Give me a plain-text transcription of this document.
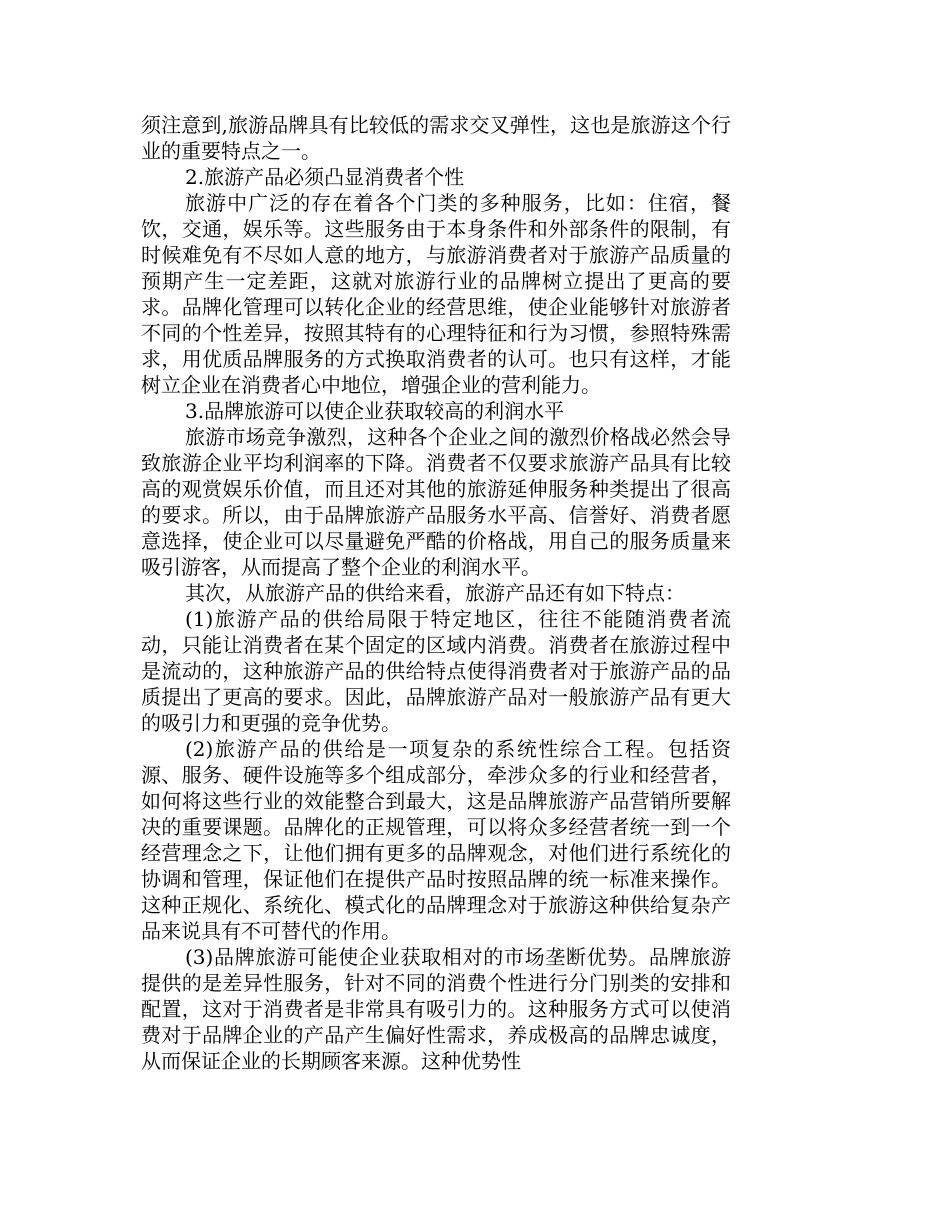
须注意到,旅游品牌具有比较低的需求交叉弹性，这也是旅游这个行业的重要特点之一。

2.旅游产品必须凸显消费者个性

旅游中广泛的存在着各个门类的多种服务，比如：住宿，餐饮，交通，娱乐等。这些服务由于本身条件和外部条件的限制，有时候难免有不尽如人意的地方，与旅游消费者对于旅游产品质量的预期产生一定差距，这就对旅游行业的品牌树立提出了更高的要求。品牌化管理可以转化企业的经营思维，使企业能够针对旅游者不同的个性差异，按照其特有的心理特征和行为习惯，参照特殊需求，用优质品牌服务的方式换取消费者的认可。也只有这样，才能树立企业在消费者心中地位，增强企业的营利能力。

3.品牌旅游可以使企业获取较高的利润水平

旅游市场竞争激烈，这种各个企业之间的激烈价格战必然会导致旅游企业平均利润率的下降。消费者不仅要求旅游产品具有比较高的观赏娱乐价值，而且还对其他的旅游延伸服务种类提出了很高的要求。所以，由于品牌旅游产品服务水平高、信誉好、消费者愿意选择，使企业可以尽量避免严酷的价格战，用自己的服务质量来吸引游客，从而提高了整个企业的利润水平。

其次，从旅游产品的供给来看，旅游产品还有如下特点：

(1)旅游产品的供给局限于特定地区，往往不能随消费者流动，只能让消费者在某个固定的区域内消费。消费者在旅游过程中是流动的，这种旅游产品的供给特点使得消费者对于旅游产品的品质提出了更高的要求。因此，品牌旅游产品对一般旅游产品有更大的吸引力和更强的竞争优势。

(2)旅游产品的供给是一项复杂的系统性综合工程。包括资源、服务、硬件设施等多个组成部分，牵涉众多的行业和经营者，如何将这些行业的效能整合到最大，这是品牌旅游产品营销所要解决的重要课题。品牌化的正规管理，可以将众多经营者统一到一个经营理念之下，让他们拥有更多的品牌观念，对他们进行系统化的协调和管理，保证他们在提供产品时按照品牌的统一标准来操作。这种正规化、系统化、模式化的品牌理念对于旅游这种供给复杂产品来说具有不可替代的作用。

(3)品牌旅游可能使企业获取相对的市场垄断优势。品牌旅游提供的是差异性服务，针对不同的消费个性进行分门别类的安排和配置，这对于消费者是非常具有吸引力的。这种服务方式可以使消费对于品牌企业的产品产生偏好性需求，养成极高的品牌忠诚度，从而保证企业的长期顾客来源。这种优势性
